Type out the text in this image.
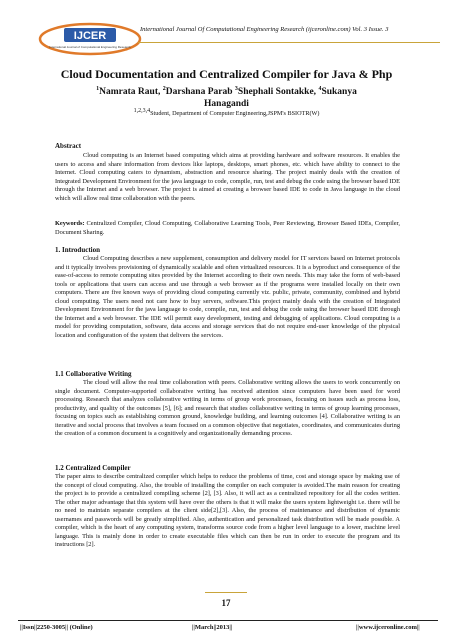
IJCER
International Journal of Computational Engineering Research
International Journal Of Computational Engineering Research (ijceronline.com) Vol. 3 Issue. 3
Cloud Documentation and Centralized Compiler for Java & Php
$^1$Namrata Raut, $^2$Darshana Parab $^3$Shephali Sontakke, $^4$Sukanya
Hanagandi
$^{1,2,3,4}$Student, Department of Computer Engineering,JSPM's BSIOTR(W)
Abstract
Cloud computing is an Internet based computing which aims at providing hardware and software resources. It enables the users to access and share information from devices like laptops, desktops, smart phones, etc. which have ability to connect to the Internet. Cloud computing caters to dynamism, abstraction and resource sharing. The project mainly deals with the creation of Integrated Development Environment for the java language to code, compile, run, test and debug the code using the browser based IDE through the Internet and a web browser. The project is aimed at creating a browser based IDE to code in Java language in the cloud which will allow real time collaboration with the peers.
Keywords: Centralized Compiler, Cloud Computing, Collaborative Learning Tools, Peer Reviewing, Browser Based IDEs, Compiler, Document Sharing.
1. Introduction
Cloud Computing describes a new supplement, consumption and delivery model for IT services based on Internet protocols and it typically involves provisioning of dynamically scalable and often virtualized resources. It is a byproduct and consequence of the ease-of-access to remote computing sites provided by the Internet according to their own needs. This may take the form of web-based tools or applications that users can access and use through a web browser as if the programs were installed locally on their own computers. There are five known ways of providing cloud computing currently viz. public, private, community, combined and hybrid cloud computing. The users need not care how to buy servers, software.This project mainly deals with the creation of Integrated Development Environment for the java language to code, compile, run, test and debug the code using the browser based IDE through the Internet and a web browser. The IDE will permit easy development, testing and debugging of applications. Cloud computing is a model for providing computation, software, data access and storage services that do not require end-user knowledge of the physical location and configuration of the system that delivers the services.
1.1 Collaborative Writing
The cloud will allow the real time collaboration with peers. Collaborative writing allows the users to work concurrently on single document. Computer-supported collaborative writing has received attention since computers have been used for word processing. Research that analyzes collaborative writing in terms of group work processes, focusing on issues such as process loss, productivity, and quality of the outcomes [5], [6]; and research that studies collaborative writing in terms of group learning processes, focusing on topics such as establishing common ground, knowledge building, and learning outcomes [4]. Collaborative writing is an iterative and social process that involves a team focused on a common objective that negotiates, coordinates, and communicates during the creation of a common document is a cognitively and organizationally demanding process.
1.2 Centralized Compiler
The paper aims to describe centralized compiler which helps to reduce the problems of time, cost and storage space by making use of the concept of cloud computing. Also, the trouble of installing the compiler on each computer is avoided.The main reason for creating the project is to provide a centralized compiling scheme [2], [3]. Also, it will act as a centralized repository for all the codes written. The other major advantage that this system will have over the others is that it will make the users system lightweight i.e. there will be no need to maintain separate compilers at the client side[2],[3]. Also, the process of maintenance and distribution of dynamic usernames and passwords will be greatly simplified. Also, authentication and personalized task distribution will be made possible. A compiler, which is the heart of any computing system, transforms source code from a higher level language to a lower, machine level language. This is mainly done in order to create executable files which can then be run in order to execute the program and its instructions [2].
17
||Issn||2250-3005|| (Online)	||March||2013||	||www.ijceronline.com||
